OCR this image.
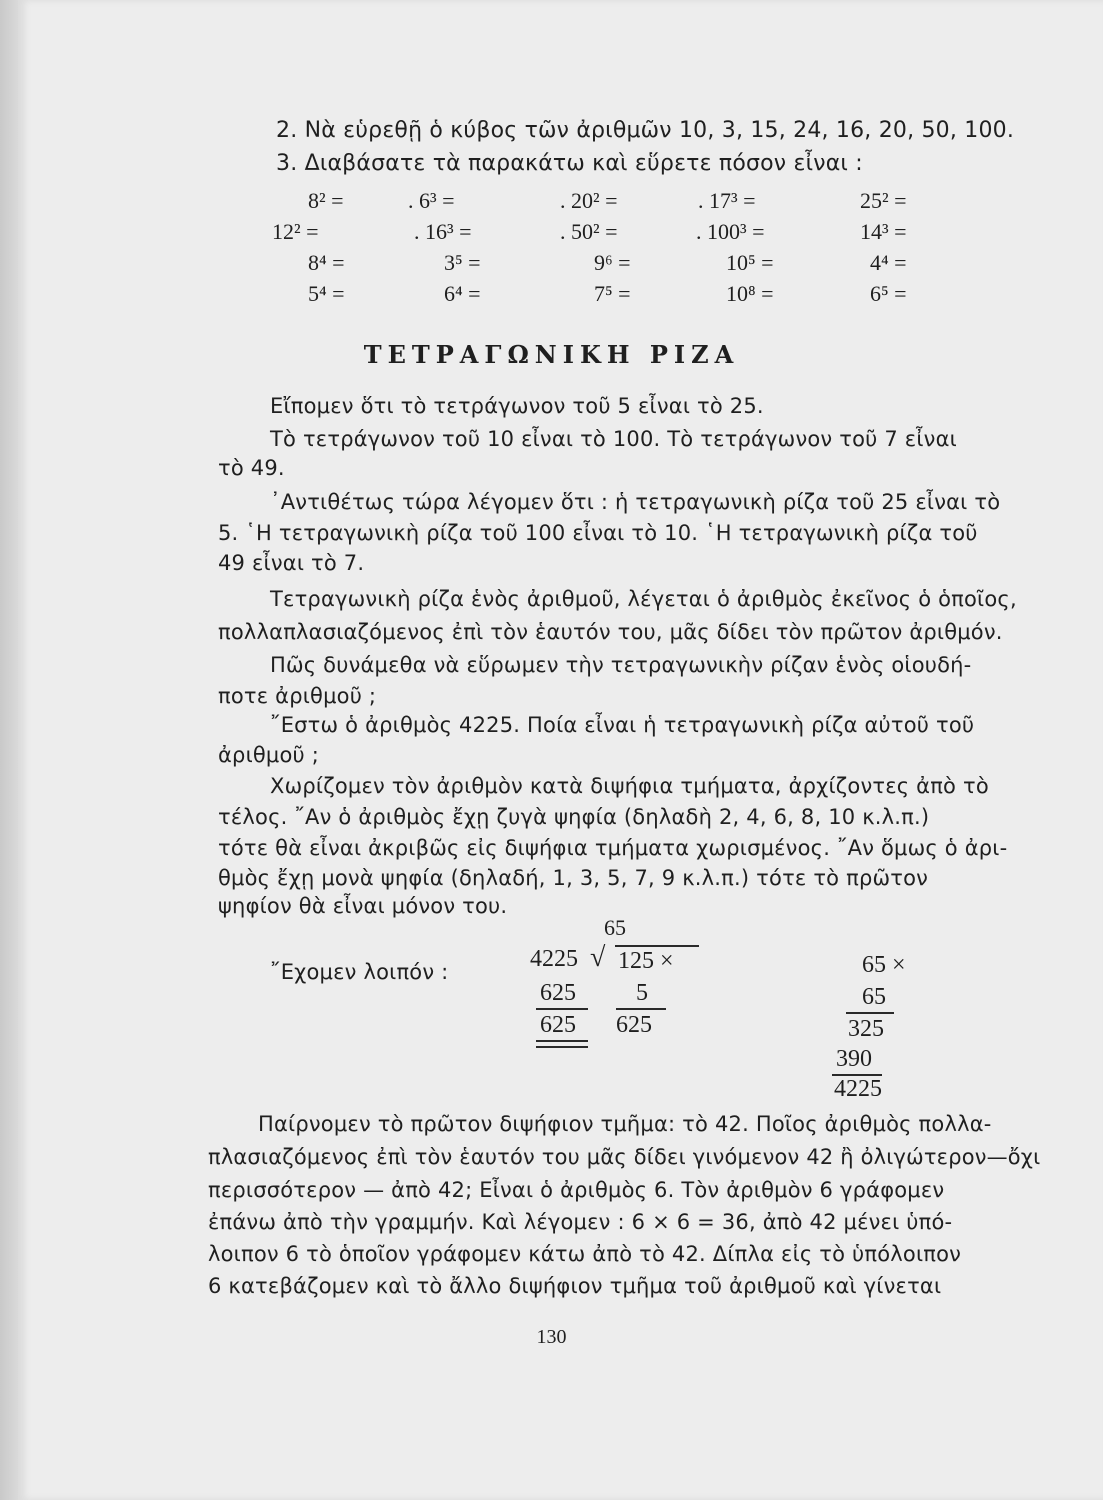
2. Νὰ εὑρεθῇ ὁ κύβος τῶν ἀριθμῶν 10, 3, 15, 24, 16, 20, 50, 100.
3. Διαβάσατε τὰ παρακάτω καὶ εὕρετε πόσον εἶναι :
8² =	. 6³ =	. 20² =	. 17³ =	25² =
12² =	. 16³ =	. 50² =	. 100³ =	14³ =
8⁴ =	3⁵ =	9⁶ =	10⁵ =	4⁴ =
5⁴ =	6⁴ =	7⁵ =	10⁸ =	6⁵ =
ΤΕΤΡΑΓΩΝΙΚΗ ΡΙΖΑ
Εἴπομεν ὅτι τὸ τετράγωνον τοῦ 5 εἶναι τὸ 25.
Τὸ τετράγωνον τοῦ 10 εἶναι τὸ 100. Τὸ τετράγωνον τοῦ 7 εἶναι
τὸ 49.
᾿Αντιθέτως τώρα λέγομεν ὅτι : ἡ τετραγωνικὴ ρίζα τοῦ 25 εἶναι τὸ
5. ῾Η τετραγωνικὴ ρίζα τοῦ 100 εἶναι τὸ 10. ῾Η τετραγωνικὴ ρίζα τοῦ
49 εἶναι τὸ 7.
Τετραγωνικὴ ρίζα ἑνὸς ἀριθμοῦ, λέγεται ὁ ἀριθμὸς ἐκεῖνος ὁ ὁποῖος,
πολλαπλασιαζόμενος ἐπὶ τὸν ἑαυτόν του, μᾶς δίδει τὸν πρῶτον ἀριθμόν.
Πῶς δυνάμεθα νὰ εὕρωμεν τὴν τετραγωνικὴν ρίζαν ἑνὸς οἱουδή-
ποτε ἀριθμοῦ ;
῎Εστω ὁ ἀριθμὸς 4225. Ποία εἶναι ἡ τετραγωνικὴ ρίζα αὐτοῦ τοῦ
ἀριθμοῦ ;
Χωρίζομεν τὸν ἀριθμὸν κατὰ διψήφια τμήματα, ἀρχίζοντες ἀπὸ τὸ
τέλος. ῎Αν ὁ ἀριθμὸς ἔχῃ ζυγὰ ψηφία (δηλαδὴ 2, 4, 6, 8, 10 κ.λ.π.)
τότε θὰ εἶναι ἀκριβῶς εἰς διψήφια τμήματα χωρισμένος. ῎Αν ὅμως ὁ ἀρι-
θμὸς ἔχῃ μονὰ ψηφία (δηλαδή, 1, 3, 5, 7, 9 κ.λ.π.) τότε τὸ πρῶτον
ψηφίον θὰ εἶναι μόνον του.
῎Εχομεν λοιπόν :
65
4225 √
625
625
125 ×
5
625
65 ×
65
325
390
4225
Παίρνομεν τὸ πρῶτον διψήφιον τμῆμα: τὸ 42. Ποῖος ἀριθμὸς πολλα-
πλασιαζόμενος ἐπὶ τὸν ἑαυτόν του μᾶς δίδει γινόμενον 42 ἢ ὀλιγώτερον—ὄχι
περισσότερον — ἀπὸ 42; Εἶναι ὁ ἀριθμὸς 6. Τὸν ἀριθμὸν 6 γράφομεν
ἐπάνω ἀπὸ τὴν γραμμήν. Καὶ λέγομεν : 6 × 6 = 36, ἀπὸ 42 μένει ὑπό-
λοιπον 6 τὸ ὁποῖον γράφομεν κάτω ἀπὸ τὸ 42. Δίπλα εἰς τὸ ὑπόλοιπον
6 κατεβάζομεν καὶ τὸ ἄλλο διψήφιον τμῆμα τοῦ ἀριθμοῦ καὶ γίνεται
130
